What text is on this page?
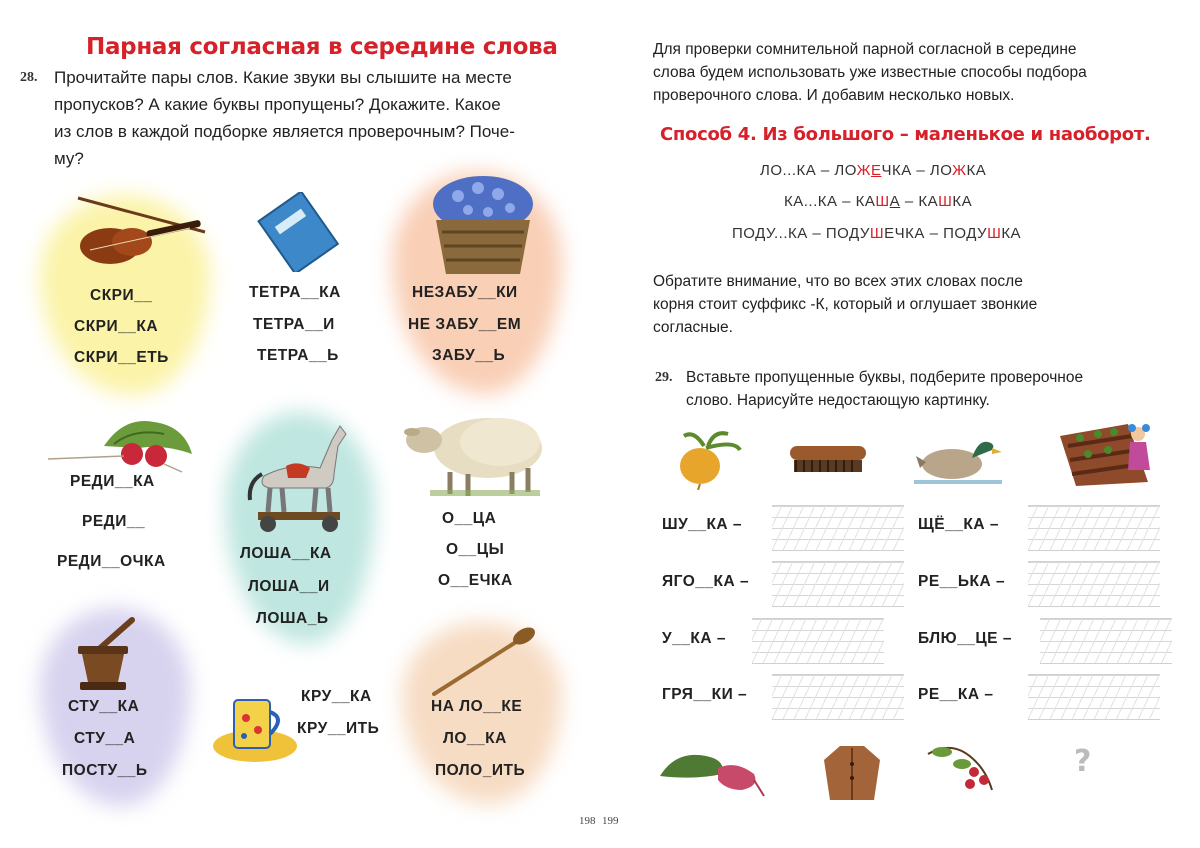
Парная согласная в середине слова
28. Прочитайте пары слов. Какие звуки вы слышите на месте
пропусков? А какие буквы пропущены? Докажите. Какое
из слов в каждой подборке является проверочным? Почe-
му?
СКРИ__
СКРИ__КА
СКРИ__ЕТЬ
ТЕТРА__КА
ТЕТРА__И
ТЕТРА__Ь
НЕЗАБУ__КИ
НЕ ЗАБУ__ЕМ
ЗАБУ__Ь
РЕДИ__КА
РЕДИ__
РЕДИ__ОЧКА	ЛОША__КА
ЛОША__И
ЛОША_Ь
О__ЦА
О__ЦЫ
О__ЕЧКА
СТУ__КА
СТУ__А
ПОСТУ__Ь
КРУ__КА
КРУ__ИТЬ
НА ЛО__КЕ
ЛО__КА
ПОЛО_ИТЬ
198 199
Для проверки сомнительной парной согласной в середине
слова будем использовать уже известные способы подбора
проверочного слова. И добавим несколько новых.
Способ 4. Из большого – маленькое и наоборот.
ЛО...КА – ЛОЖЕЧКА – ЛОЖКА
КА...КА – КАША – КАШКА
ПОДУ...КА – ПОДУШЕЧКА – ПОДУШКА
Обратите внимание, что во всех этих словах после
корня стоит суффикс -К, который и оглушает звонкие
согласные.
29. Вставьте пропущенные буквы, подберите проверочное
слово. Нарисуйте недостающую картинку.
ШУ__КА –	ЩЁ__КА –
ЯГО__КА –	РЕ__ЬКА –
У__КА –	БЛЮ__ЦЕ –
ГРЯ__КИ –	РЕ__КА –
?
